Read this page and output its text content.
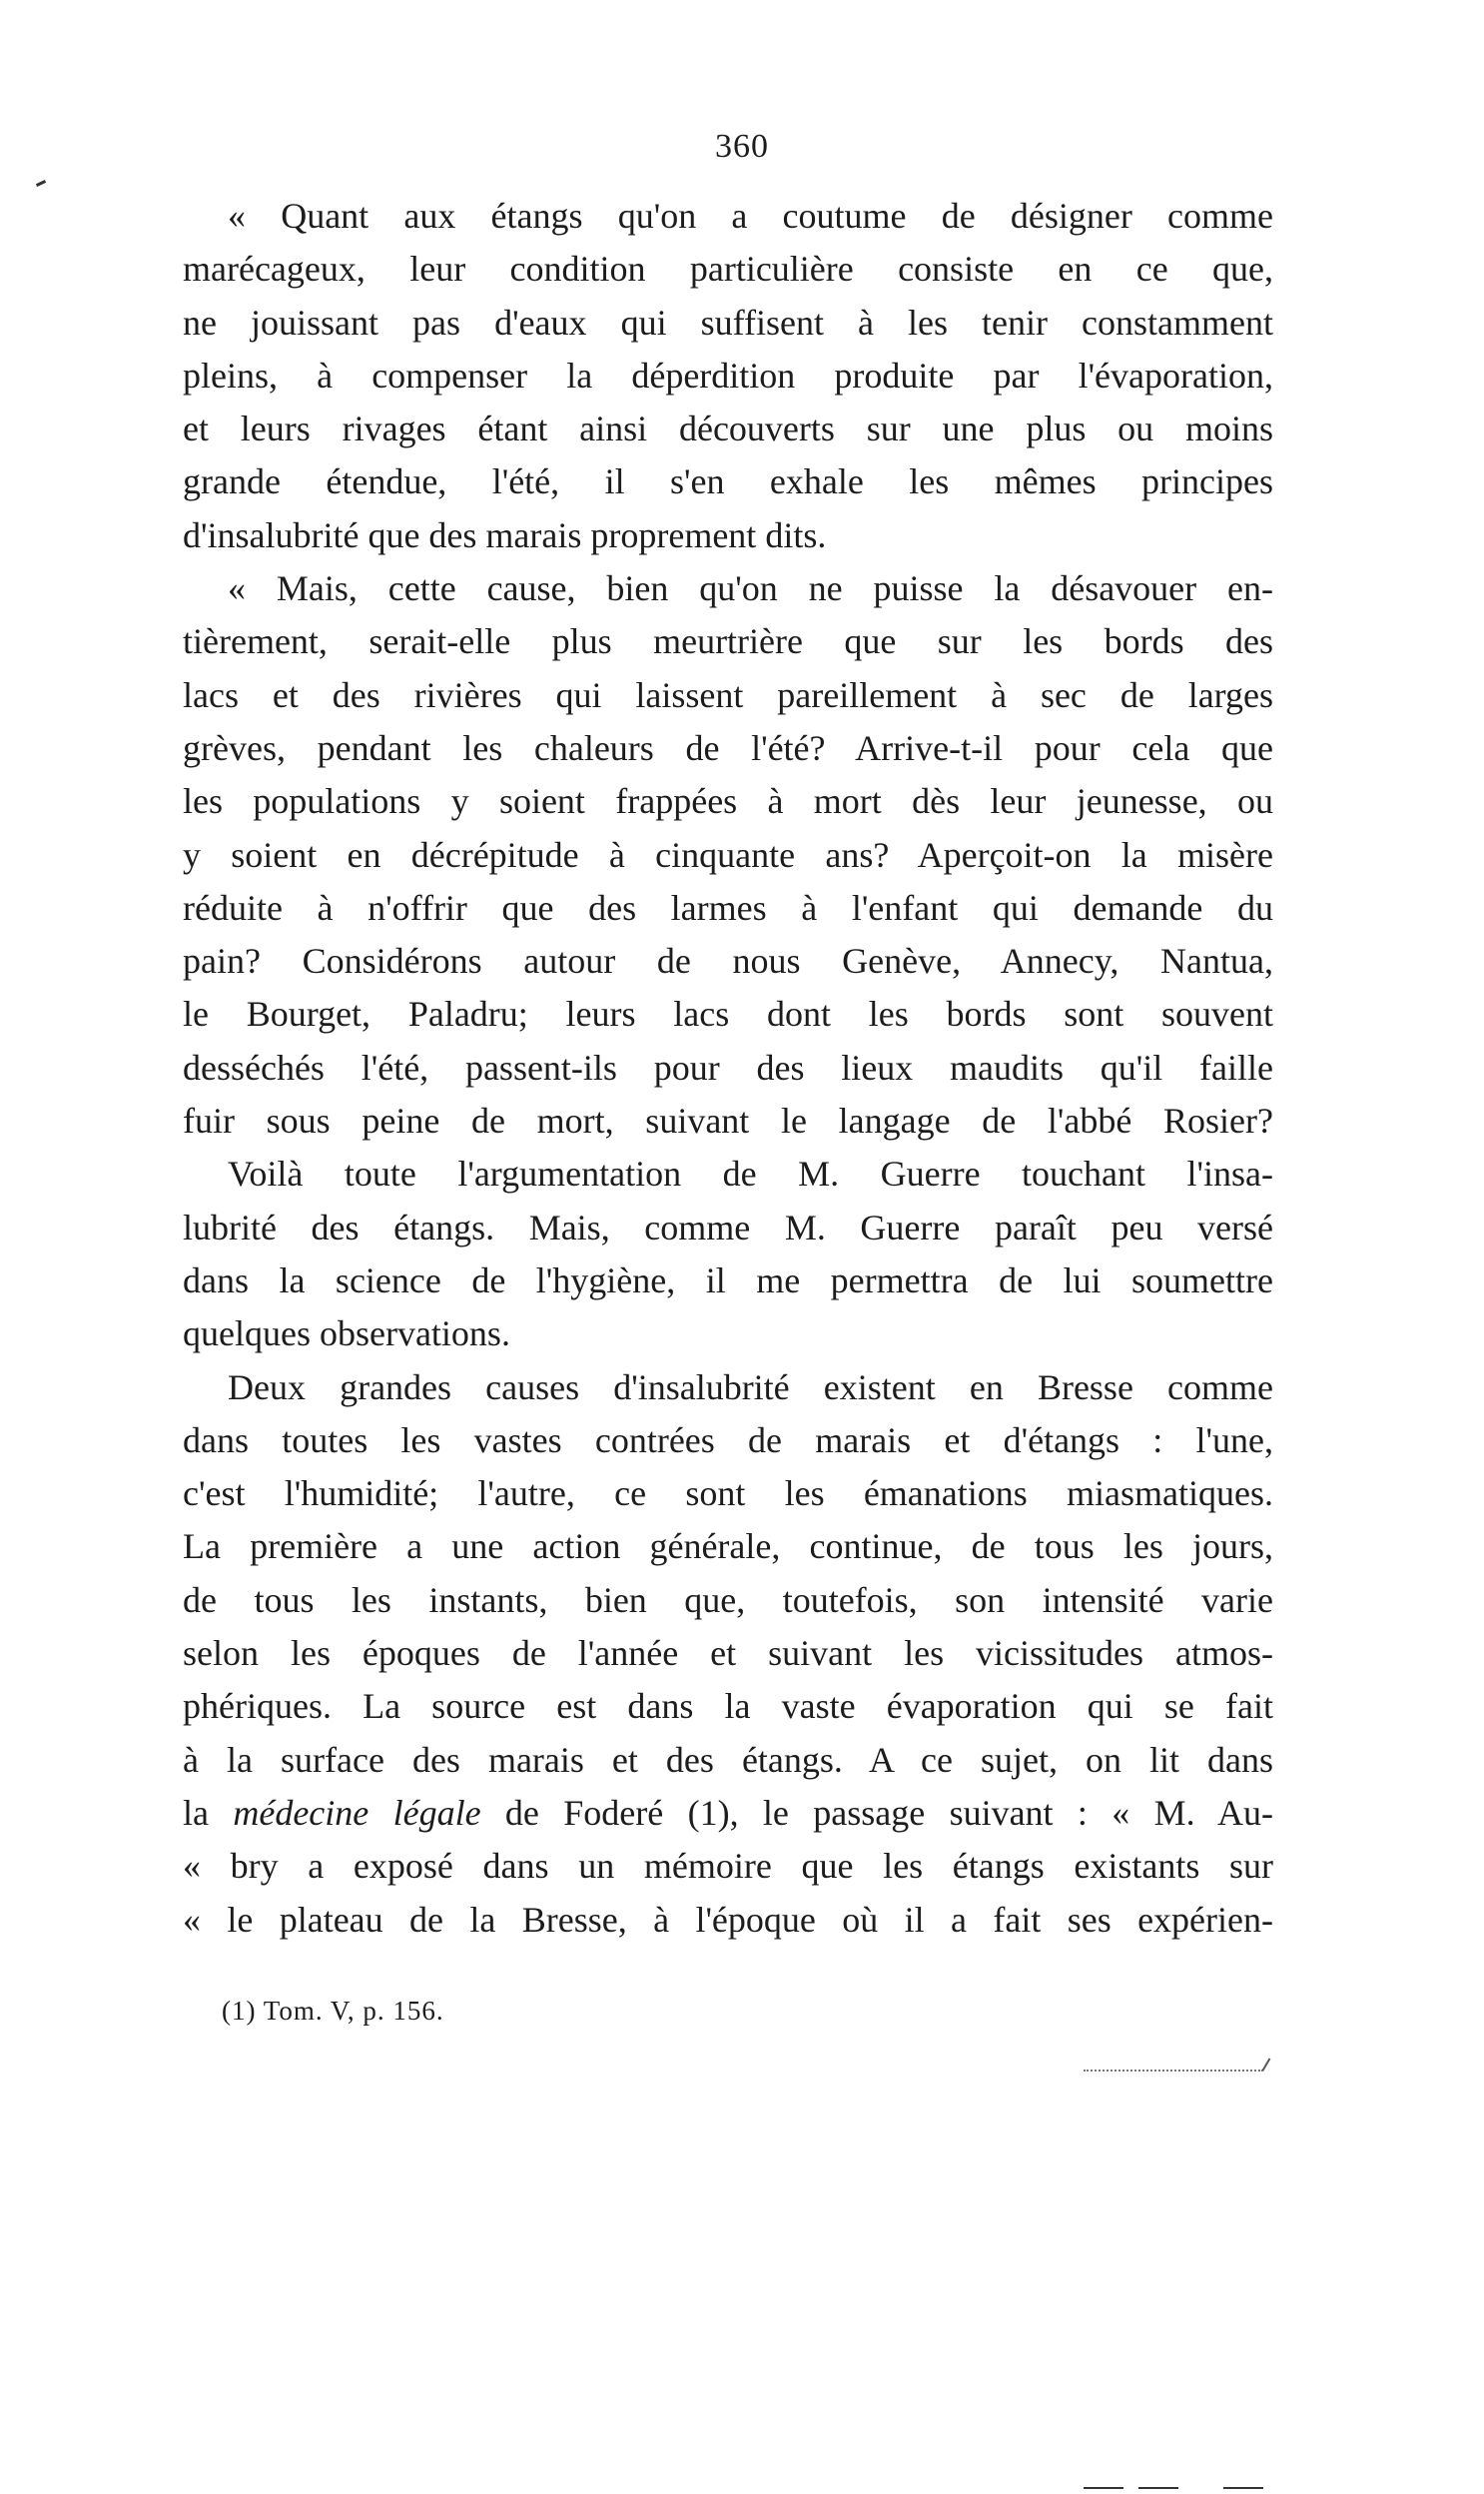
360
« Quant aux étangs qu'on a coutume de désigner comme
marécageux, leur condition particulière consiste en ce que,
ne jouissant pas d'eaux qui suffisent à les tenir constamment
pleins, à compenser la déperdition produite par l'évaporation,
et leurs rivages étant ainsi découverts sur une plus ou moins
grande étendue, l'été, il s'en exhale les mêmes principes
d'insalubrité que des marais proprement dits.
« Mais, cette cause, bien qu'on ne puisse la désavouer en-
tièrement, serait-elle plus meurtrière que sur les bords des
lacs et des rivières qui laissent pareillement à sec de larges
grèves, pendant les chaleurs de l'été? Arrive-t-il pour cela que
les populations y soient frappées à mort dès leur jeunesse, ou
y soient en décrépitude à cinquante ans? Aperçoit-on la misère
réduite à n'offrir que des larmes à l'enfant qui demande du
pain? Considérons autour de nous Genève, Annecy, Nantua,
le Bourget, Paladru; leurs lacs dont les bords sont souvent
desséchés l'été, passent-ils pour des lieux maudits qu'il faille
fuir sous peine de mort, suivant le langage de l'abbé Rosier?
Voilà toute l'argumentation de M. Guerre touchant l'insa-
lubrité des étangs. Mais, comme M. Guerre paraît peu versé
dans la science de l'hygiène, il me permettra de lui soumettre
quelques observations.
Deux grandes causes d'insalubrité existent en Bresse comme
dans toutes les vastes contrées de marais et d'étangs : l'une,
c'est l'humidité; l'autre, ce sont les émanations miasmatiques.
La première a une action générale, continue, de tous les jours,
de tous les instants, bien que, toutefois, son intensité varie
selon les époques de l'année et suivant les vicissitudes atmos-
phériques. La source est dans la vaste évaporation qui se fait
à la surface des marais et des étangs. A ce sujet, on lit dans
la médecine légale de Foderé (1), le passage suivant : « M. Au-
« bry a exposé dans un mémoire que les étangs existants sur
« le plateau de la Bresse, à l'époque où il a fait ses expérien-
(1) Tom. V, p. 156.
